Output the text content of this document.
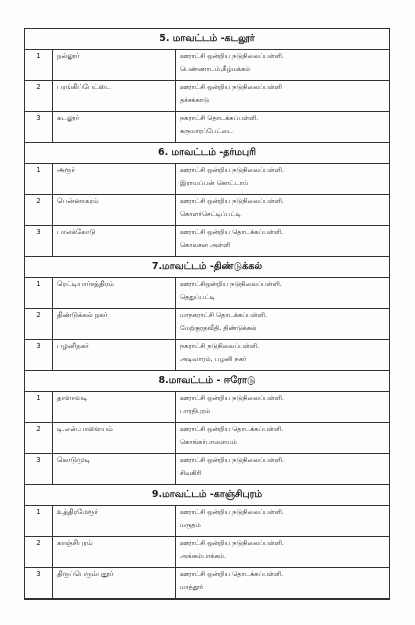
5. மாவட்டம் -கடலூர்
1	நல்லூர்	ஊராட்சி ஒன்றிய நடுநிலைப்பள்ளி.
பெண்ணாடம்,கீழ்மக்கம்
2	பரங்கிப்பேட்டை	ஊராட்சி ஒன்றிய நடுநிலைப்பள்ளி
தச்சக்காடு
3	கடலூர்	நகராட்சி தொடக்கப்பள்ளி.
கருமாரப்பேட்டை
6. மாவட்டம் -தர்மபுரி
1	அரூர்	ஊராட்சி ஒன்றிய நடுநிலைப்பள்ளி.
இராயப்பன் கொட்டாய்
2	பென்னாகரம்	ஊராட்சி ஒன்றிய நடுநிலைப்பள்ளி.
கொளர்செட்டிப்பட்டி
3	பாலக்கோடு	ஊராட்சி ஒன்றிய தொடக்கப்பள்ளி.
கொலசன அள்ளி
7.மாவட்டம் -திண்டுக்கல்
1	ரெட்டியார்சத்திரம்	ஊராட்சிஒன்றிய நடுநிலைப்பள்ளி.
தெதுப்பட்டி
2	திண்டுக்கல் நகர்	மாநகராட்சி தொடக்கப்பள்ளி.
மேற்குரதவீதி, திண்டுக்கல்
3	பழனிநகர்	நகராட்சி நடுநிலைப்பள்ளி.
அடிவாரம், பழனி நகர்
8.மாவட்டம் - ஈரோடு
1	தாளாவடி	ஊராட்சி ஒன்றிய நடுநிலைப்பள்ளி.
பாரதிபுரம்
2	டி.என்.பாளையம்	ஊராட்சி ஒன்றிய தொடக்கப்பள்ளி.
கொங்கர்பாளையம்
3	கொடுமுடி	ஊராட்சி ஒன்றிய நடுநிலைப்பள்ளி.
சிவகிரி
9.மாவட்டம் -காஞ்சிபுரம்
1	உத்திரமேரூர்	ஊராட்சி ஒன்றிய நடுநிலைப்பள்ளி.
மருதம்
2	காஞ்சிபுரம்	ஊராட்சி ஒன்றிய நடுநிலைப்பள்ளி.
அங்கம்பாக்கம்.
3	திருப்பெரும்புதூர்	ஊராட்சி ஒன்றிய தொடக்கப்பள்ளி.
மாத்தூர்
